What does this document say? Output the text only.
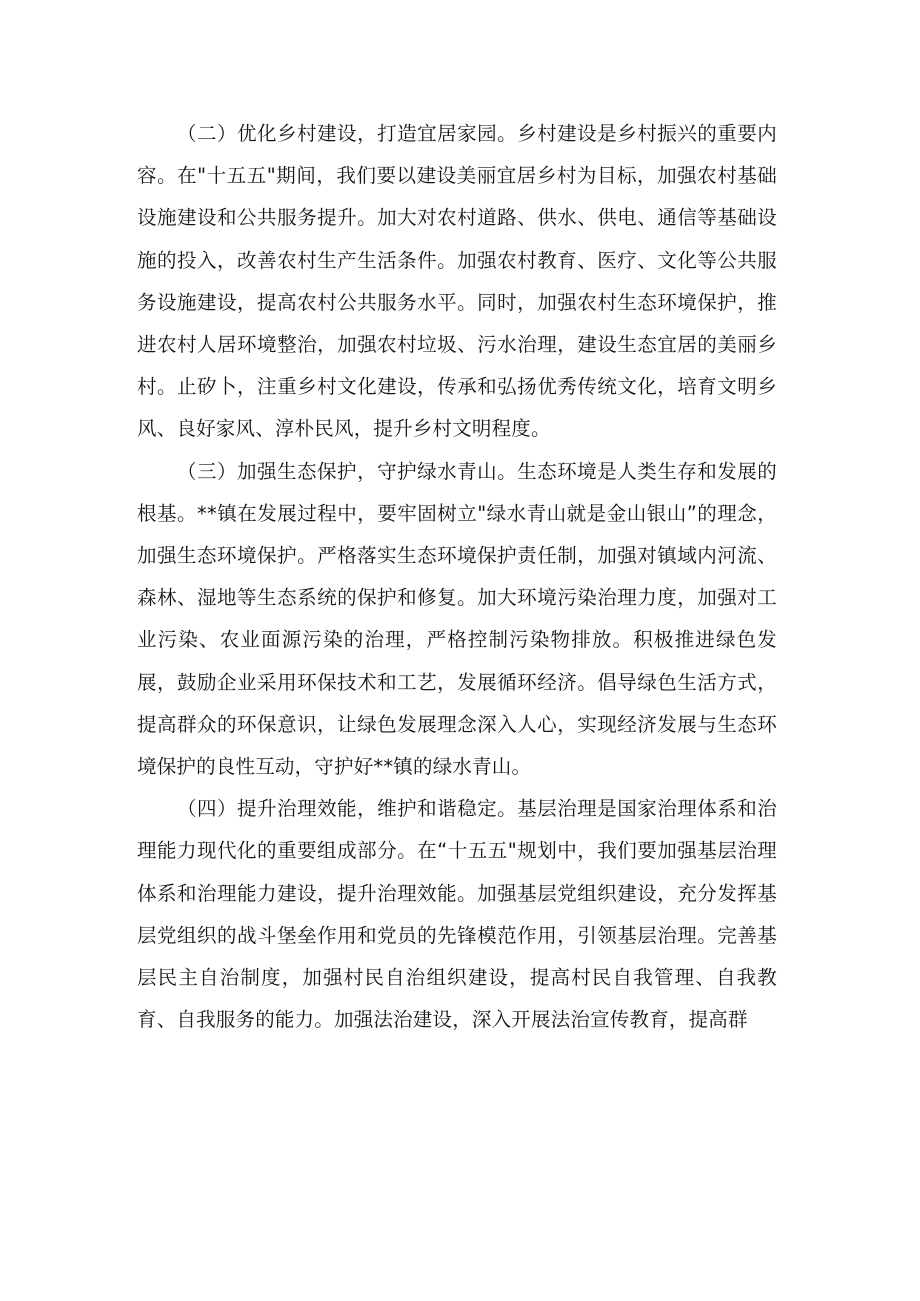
（二）优化乡村建设，打造宜居家园。乡村建设是乡村振兴的重要内容。在"十五五"期间，我们要以建设美丽宜居乡村为目标，加强农村基础设施建设和公共服务提升。加大对农村道路、供水、供电、通信等基础设施的投入，改善农村生产生活条件。加强农村教育、医疗、文化等公共服务设施建设，提高农村公共服务水平。同时，加强农村生态环境保护，推进农村人居环境整治，加强农村垃圾、污水治理，建设生态宜居的美丽乡村。止矽卜，注重乡村文化建设，传承和弘扬优秀传统文化，培育文明乡风、良好家风、淳朴民风，提升乡村文明程度。

（三）加强生态保护，守护绿水青山。生态环境是人类生存和发展的根基。**镇在发展过程中，要牢固树立"绿水青山就是金山银山”的理念，加强生态环境保护。严格落实生态环境保护责任制，加强对镇域内河流、森林、湿地等生态系统的保护和修复。加大环境污染治理力度，加强对工业污染、农业面源污染的治理，严格控制污染物排放。积极推进绿色发展，鼓励企业采用环保技术和工艺，发展循环经济。倡导绿色生活方式，提高群众的环保意识，让绿色发展理念深入人心，实现经济发展与生态环境保护的良性互动，守护好**镇的绿水青山。

（四）提升治理效能，维护和谐稳定。基层治理是国家治理体系和治理能力现代化的重要组成部分。在“十五五"规划中，我们要加强基层治理体系和治理能力建设，提升治理效能。加强基层党组织建设，充分发挥基层党组织的战斗堡垒作用和党员的先锋模范作用，引领基层治理。完善基层民主自治制度，加强村民自治组织建设，提高村民自我管理、自我教育、自我服务的能力。加强法治建设，深入开展法治宣传教育，提高群
